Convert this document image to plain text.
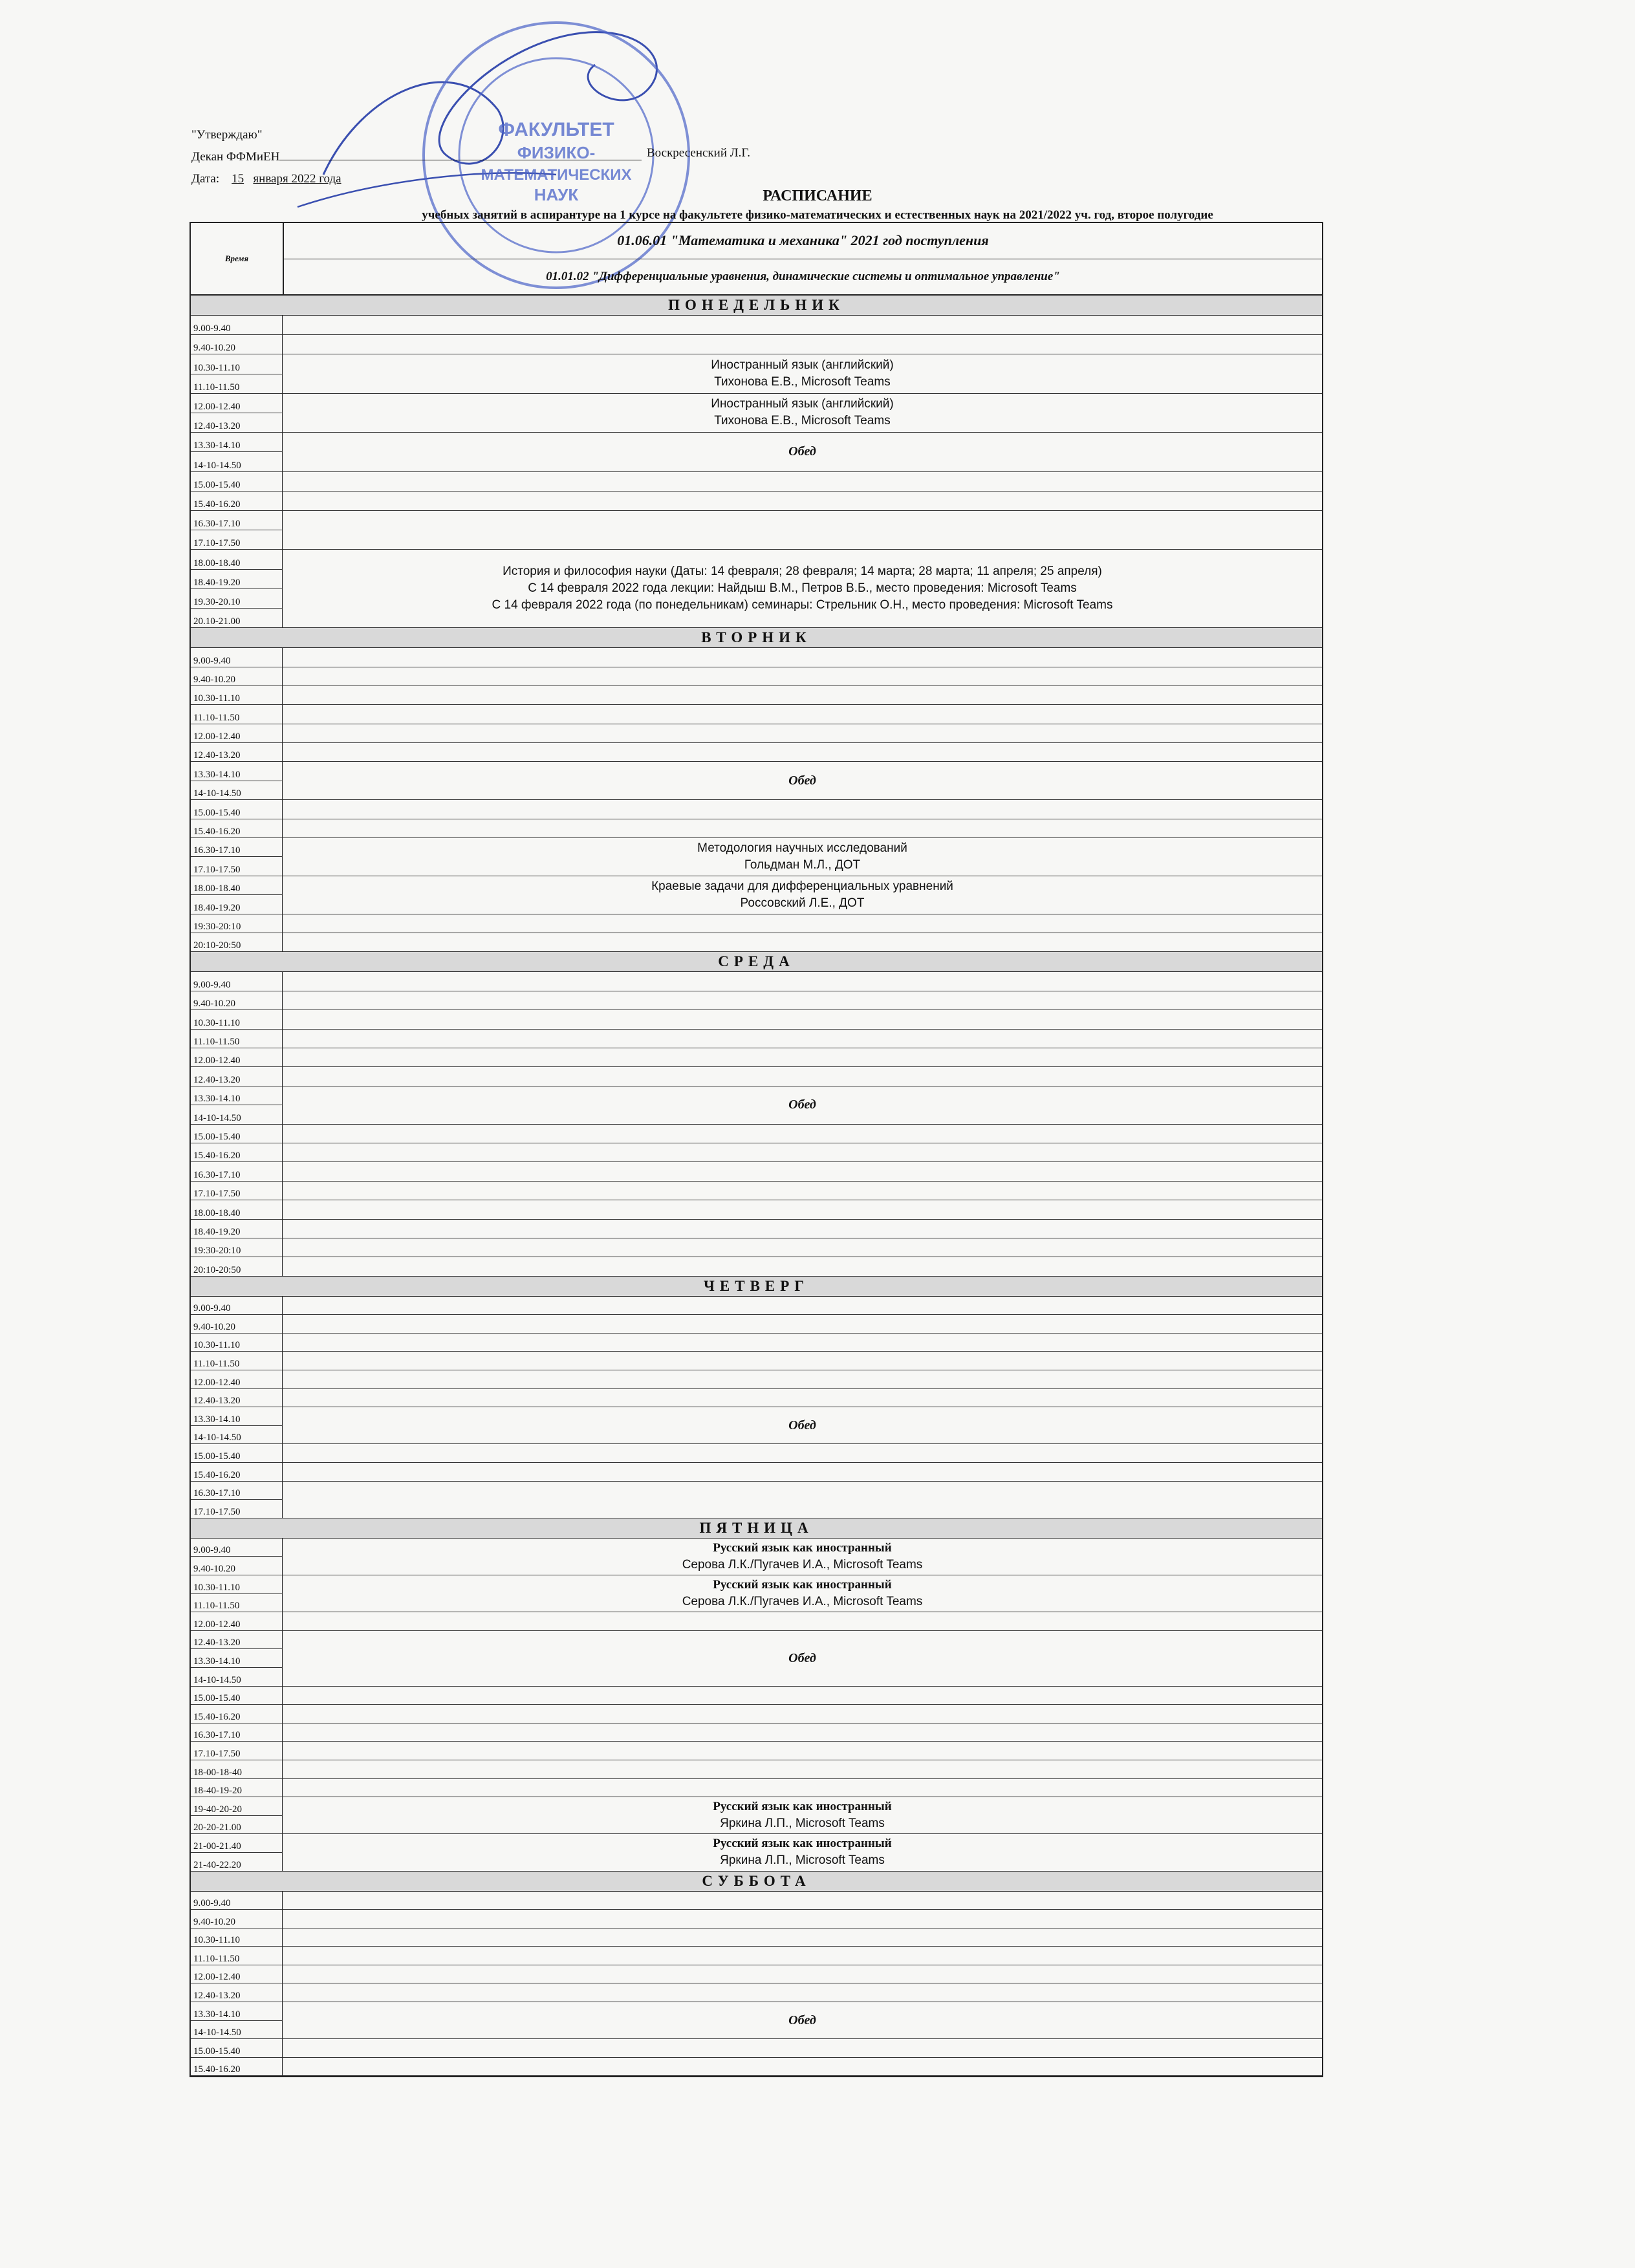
ФАКУЛЬТЕТ
ФИЗИКО-
МАТЕМАТИЧЕСКИХ
НАУК
"Утверждаю"
Декан ФФМиЕН
Дата: 15 января 2022 года
Воскресенский Л.Г.
РАСПИСАНИЕ
учебных занятий в аспирантуре на 1 курсе на факультете физико-математических и естественных наук на 2021/2022 уч. год, второе полугодие
Время
01.06.01 "Математика и механика" 2021 год поступления
01.01.02 "Дифференциальные уравнения, динамические системы и оптимальное управление"
ПОНЕДЕЛЬНИК
9.00-9.40
9.40-10.20
10.30-11.10
11.10-11.50
Иностранный язык (английский)
Тихонова Е.В., Microsoft Teams
12.00-12.40
12.40-13.20
Иностранный язык (английский)
Тихонова Е.В., Microsoft Teams
13.30-14.10
14-10-14.50
Обед
15.00-15.40
15.40-16.20
16.30-17.10
17.10-17.50
18.00-18.40
18.40-19.20
19.30-20.10
20.10-21.00
История и философия науки (Даты: 14 февраля; 28 февраля; 14 марта; 28 марта; 11 апреля; 25 апреля)
С 14 февраля 2022 года лекции: Найдыш В.М., Петров В.Б., место проведения: Microsoft Teams
С 14 февраля 2022 года (по понедельникам) семинары: Стрельник О.Н., место проведения: Microsoft Teams
ВТОРНИК
9.00-9.40
9.40-10.20
10.30-11.10
11.10-11.50
12.00-12.40
12.40-13.20
13.30-14.10
14-10-14.50
Обед
15.00-15.40
15.40-16.20
16.30-17.10
17.10-17.50
Методология научных исследований
Гольдман М.Л., ДОТ
18.00-18.40
18.40-19.20
Краевые задачи для дифференциальных уравнений
Россовский Л.Е., ДОТ
19:30-20:10
20:10-20:50
СРЕДА
9.00-9.40
9.40-10.20
10.30-11.10
11.10-11.50
12.00-12.40
12.40-13.20
13.30-14.10
14-10-14.50
Обед
15.00-15.40
15.40-16.20
16.30-17.10
17.10-17.50
18.00-18.40
18.40-19.20
19:30-20:10
20:10-20:50
ЧЕТВЕРГ
9.00-9.40
9.40-10.20
10.30-11.10
11.10-11.50
12.00-12.40
12.40-13.20
13.30-14.10
14-10-14.50
Обед
15.00-15.40
15.40-16.20
16.30-17.10
17.10-17.50
ПЯТНИЦА
9.00-9.40
9.40-10.20
Русский язык как иностранный
Серова Л.К./Пугачев И.А., Microsoft Teams
10.30-11.10
11.10-11.50
Русский язык как иностранный
Серова Л.К./Пугачев И.А., Microsoft Teams
12.00-12.40
12.40-13.20
13.30-14.10
14-10-14.50
Обед
15.00-15.40
15.40-16.20
16.30-17.10
17.10-17.50
18-00-18-40
18-40-19-20
19-40-20-20
20-20-21.00
Русский язык как иностранный
Яркина Л.П., Microsoft Teams
21-00-21.40
21-40-22.20
Русский язык как иностранный
Яркина Л.П., Microsoft Teams
СУББОТА
9.00-9.40
9.40-10.20
10.30-11.10
11.10-11.50
12.00-12.40
12.40-13.20
13.30-14.10
14-10-14.50
Обед
15.00-15.40
15.40-16.20
